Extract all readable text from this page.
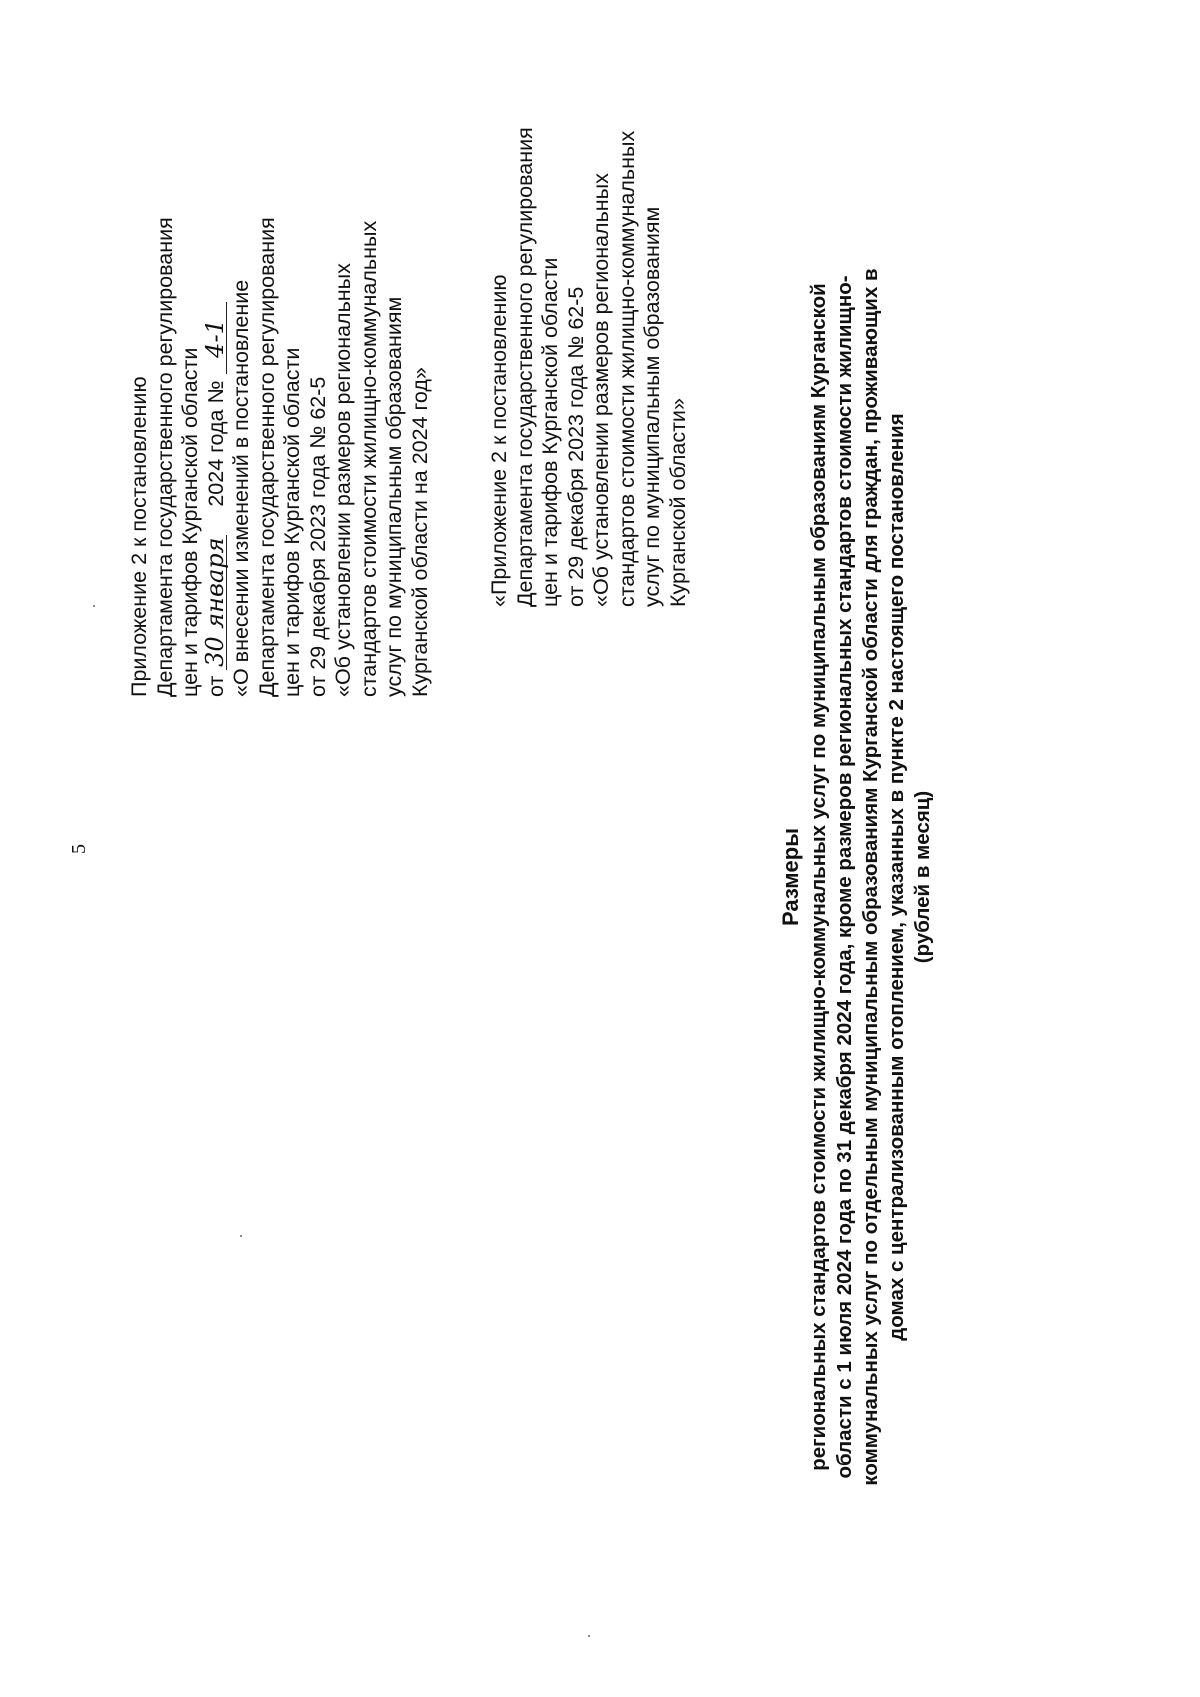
5
Приложение 2 к постановлению Департамента государственного регулирования цен и тарифов Курганской области от 30 января2024 года № 4-1 «О внесении изменений в постановление Департамента государственного регулирования цен и тарифов Курганской области от 29 декабря 2023 года № 62-5 «Об установлении размеров региональных стандартов стоимости жилищно-коммунальных услуг по муниципальным образованиям Курганской области на 2024 год»	«Приложение 2 к постановлению Департамента государственного регулирования цен и тарифов Курганской области от 29 декабря 2023 года № 62-5 «Об установлении размеров региональных стандартов стоимости жилищно-коммунальных услуг по муниципальным образованиям Курганской области»
Размеры региональных стандартов стоимости жилищно-коммунальных услуг по муниципальным образованиям Курганской области с 1 июля 2024 года по 31 декабря 2024 года, кроме размеров региональных стандартов стоимости жилищно- коммунальных услуг по отдельным муниципальным образованиям Курганской области для граждан, проживающих в домах с централизованным отоплением, указанных в пункте 2 настоящего постановления (рублей в месяц)
